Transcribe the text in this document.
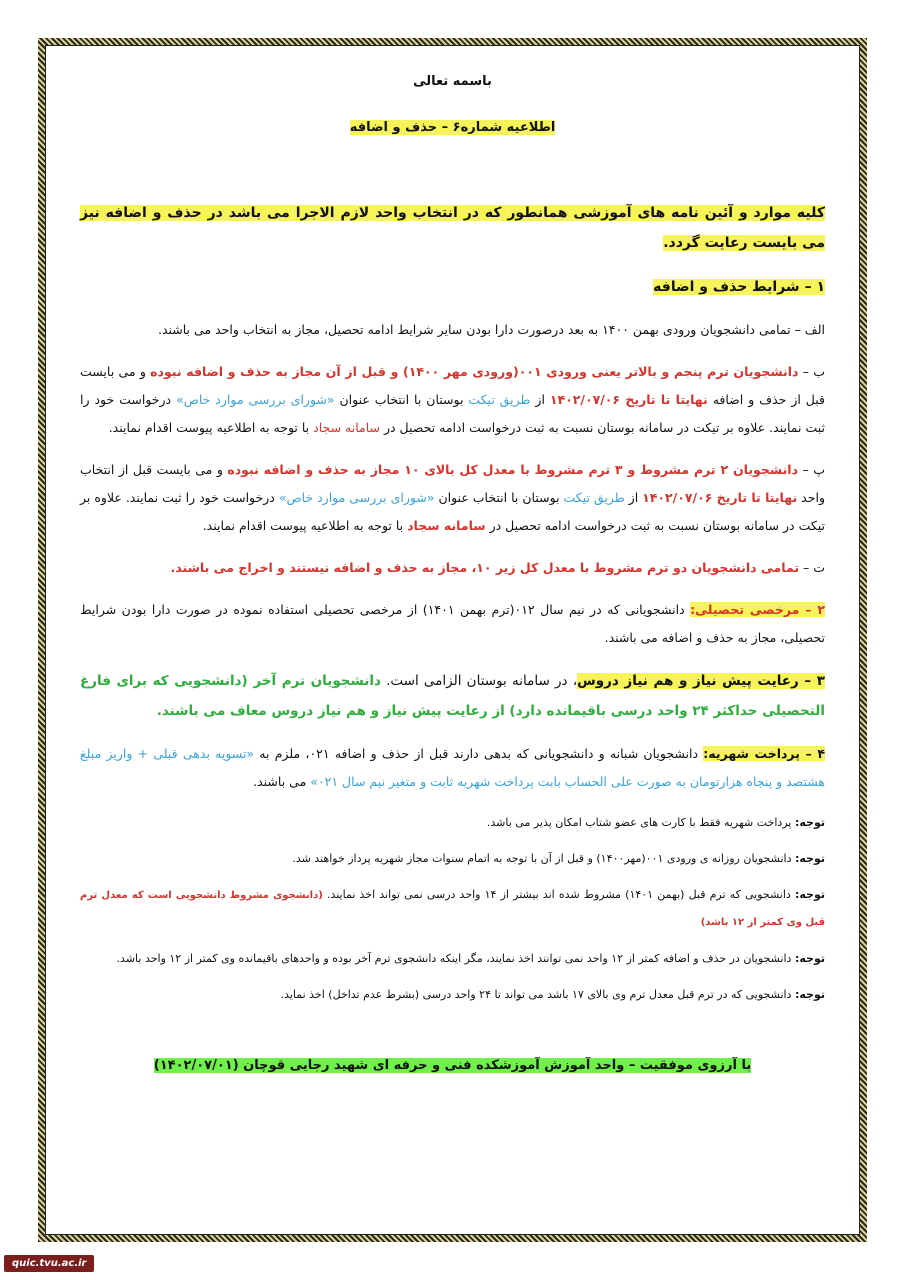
باسمه تعالی
اطلاعیه شماره۶ – حذف و اضافه

کلیه موارد و آئین نامه های آموزشی همانطور که در انتخاب واحد لازم الاجرا می باشد در حذف و اضافه نیز می بایست رعایت گردد.

۱ – شرایط حذف و اضافه

الف – تمامی دانشجویان ورودی بهمن ۱۴۰۰ به بعد درصورت دارا بودن سایر شرایط ادامه تحصیل، مجاز به انتخاب واحد می باشند.

ب – دانشجویان ترم پنجم و بالاتر یعنی ورودی ۰۰۱(ورودی مهر ۱۴۰۰) و قبل از آن مجاز به حذف و اضافه نبوده و می بایست قبل از حذف و اضافه نهایتا تا تاریخ ۱۴۰۲/۰۷/۰۶ از طریق تیکت بوستان با انتخاب عنوان «شورای بررسی موارد خاص» درخواست خود را ثبت نمایند. علاوه بر تیکت در سامانه بوستان نسبت به ثبت درخواست ادامه تحصیل در سامانه سجاد با توجه به اطلاعیه پیوست اقدام نمایند.

پ – دانشجویان ۲ ترم مشروط و ۳ ترم مشروط با معدل کل بالای ۱۰ مجاز به حذف و اضافه نبوده و می بایست قبل از انتخاب واحد نهایتا تا تاریخ ۱۴۰۲/۰۷/۰۶ از طریق تیکت بوستان با انتخاب عنوان «شورای بررسی موارد خاص» درخواست خود را ثبت نمایند. علاوه بر تیکت در سامانه بوستان نسبت به ثبت درخواست ادامه تحصیل در سامانه سجاد با توجه به اطلاعیه پیوست اقدام نمایند.

ت – تمامی دانشجویان دو ترم مشروط با معدل کل زیر ۱۰، مجاز به حذف و اضافه نیستند و اخراج می باشند.

۲ – مرخصی تحصیلی: دانشجویانی که در نیم سال ۰۱۲(ترم بهمن ۱۴۰۱) از مرخصی تحصیلی استفاده نموده در صورت دارا بودن شرایط تحصیلی، مجاز به حذف و اضافه می باشند.

۳ – رعایت پیش نیاز و هم نیاز دروس، در سامانه بوستان الزامی است. دانشجویان ترم آخر (دانشجویی که برای فارغ التحصیلی حداکثر ۲۴ واحد درسی باقیمانده دارد) از رعایت پیش نیاز و هم نیاز دروس معاف می باشند.

۴ – پرداخت شهریه: دانشجویان شبانه و دانشجویانی که بدهی دارند قبل از حذف و اضافه ۰۲۱، ملزم به «تسویه بدهی قبلی + واریز مبلغ هشتصد و پنجاه هزارتومان به صورت علی الحساب بابت پرداخت شهریه ثابت و متغیر نیم سال ۰۲۱» می باشند.

توجه: پرداخت شهریه فقط با کارت های عضو شتاب امکان پذیر می باشد.

توجه: دانشجویان روزانه ی ورودی ۰۰۱(مهر۱۴۰۰) و قبل از آن با توجه به اتمام سنوات مجاز شهریه پرداز خواهند شد.

توجه: دانشجویی که ترم قبل (بهمن ۱۴۰۱) مشروط شده اند بیشتر از ۱۴ واحد درسی نمی تواند اخذ نمایند. (دانشجوی مشروط دانشجویی است که معدل ترم قبل وی کمتر از ۱۲ باشد)

توجه: دانشجویان در حذف و اضافه کمتر از ۱۲ واحد نمی توانند اخذ نمایند، مگر اینکه دانشجوی ترم آخر بوده و واحدهای باقیمانده وی کمتر از ۱۲ واحد باشد.

توجه: دانشجویی که در ترم قبل معدل ترم وی بالای ۱۷ باشد می تواند تا ۲۴ واحد درسی (بشرط عدم تداخل) اخذ نماید.

با آرزوی موفقیت – واحد آموزش آموزشکده فنی و حرفه ای شهید رجایی قوچان (۱۴۰۲/۰۷/۰۱)
quic.tvu.ac.ir
